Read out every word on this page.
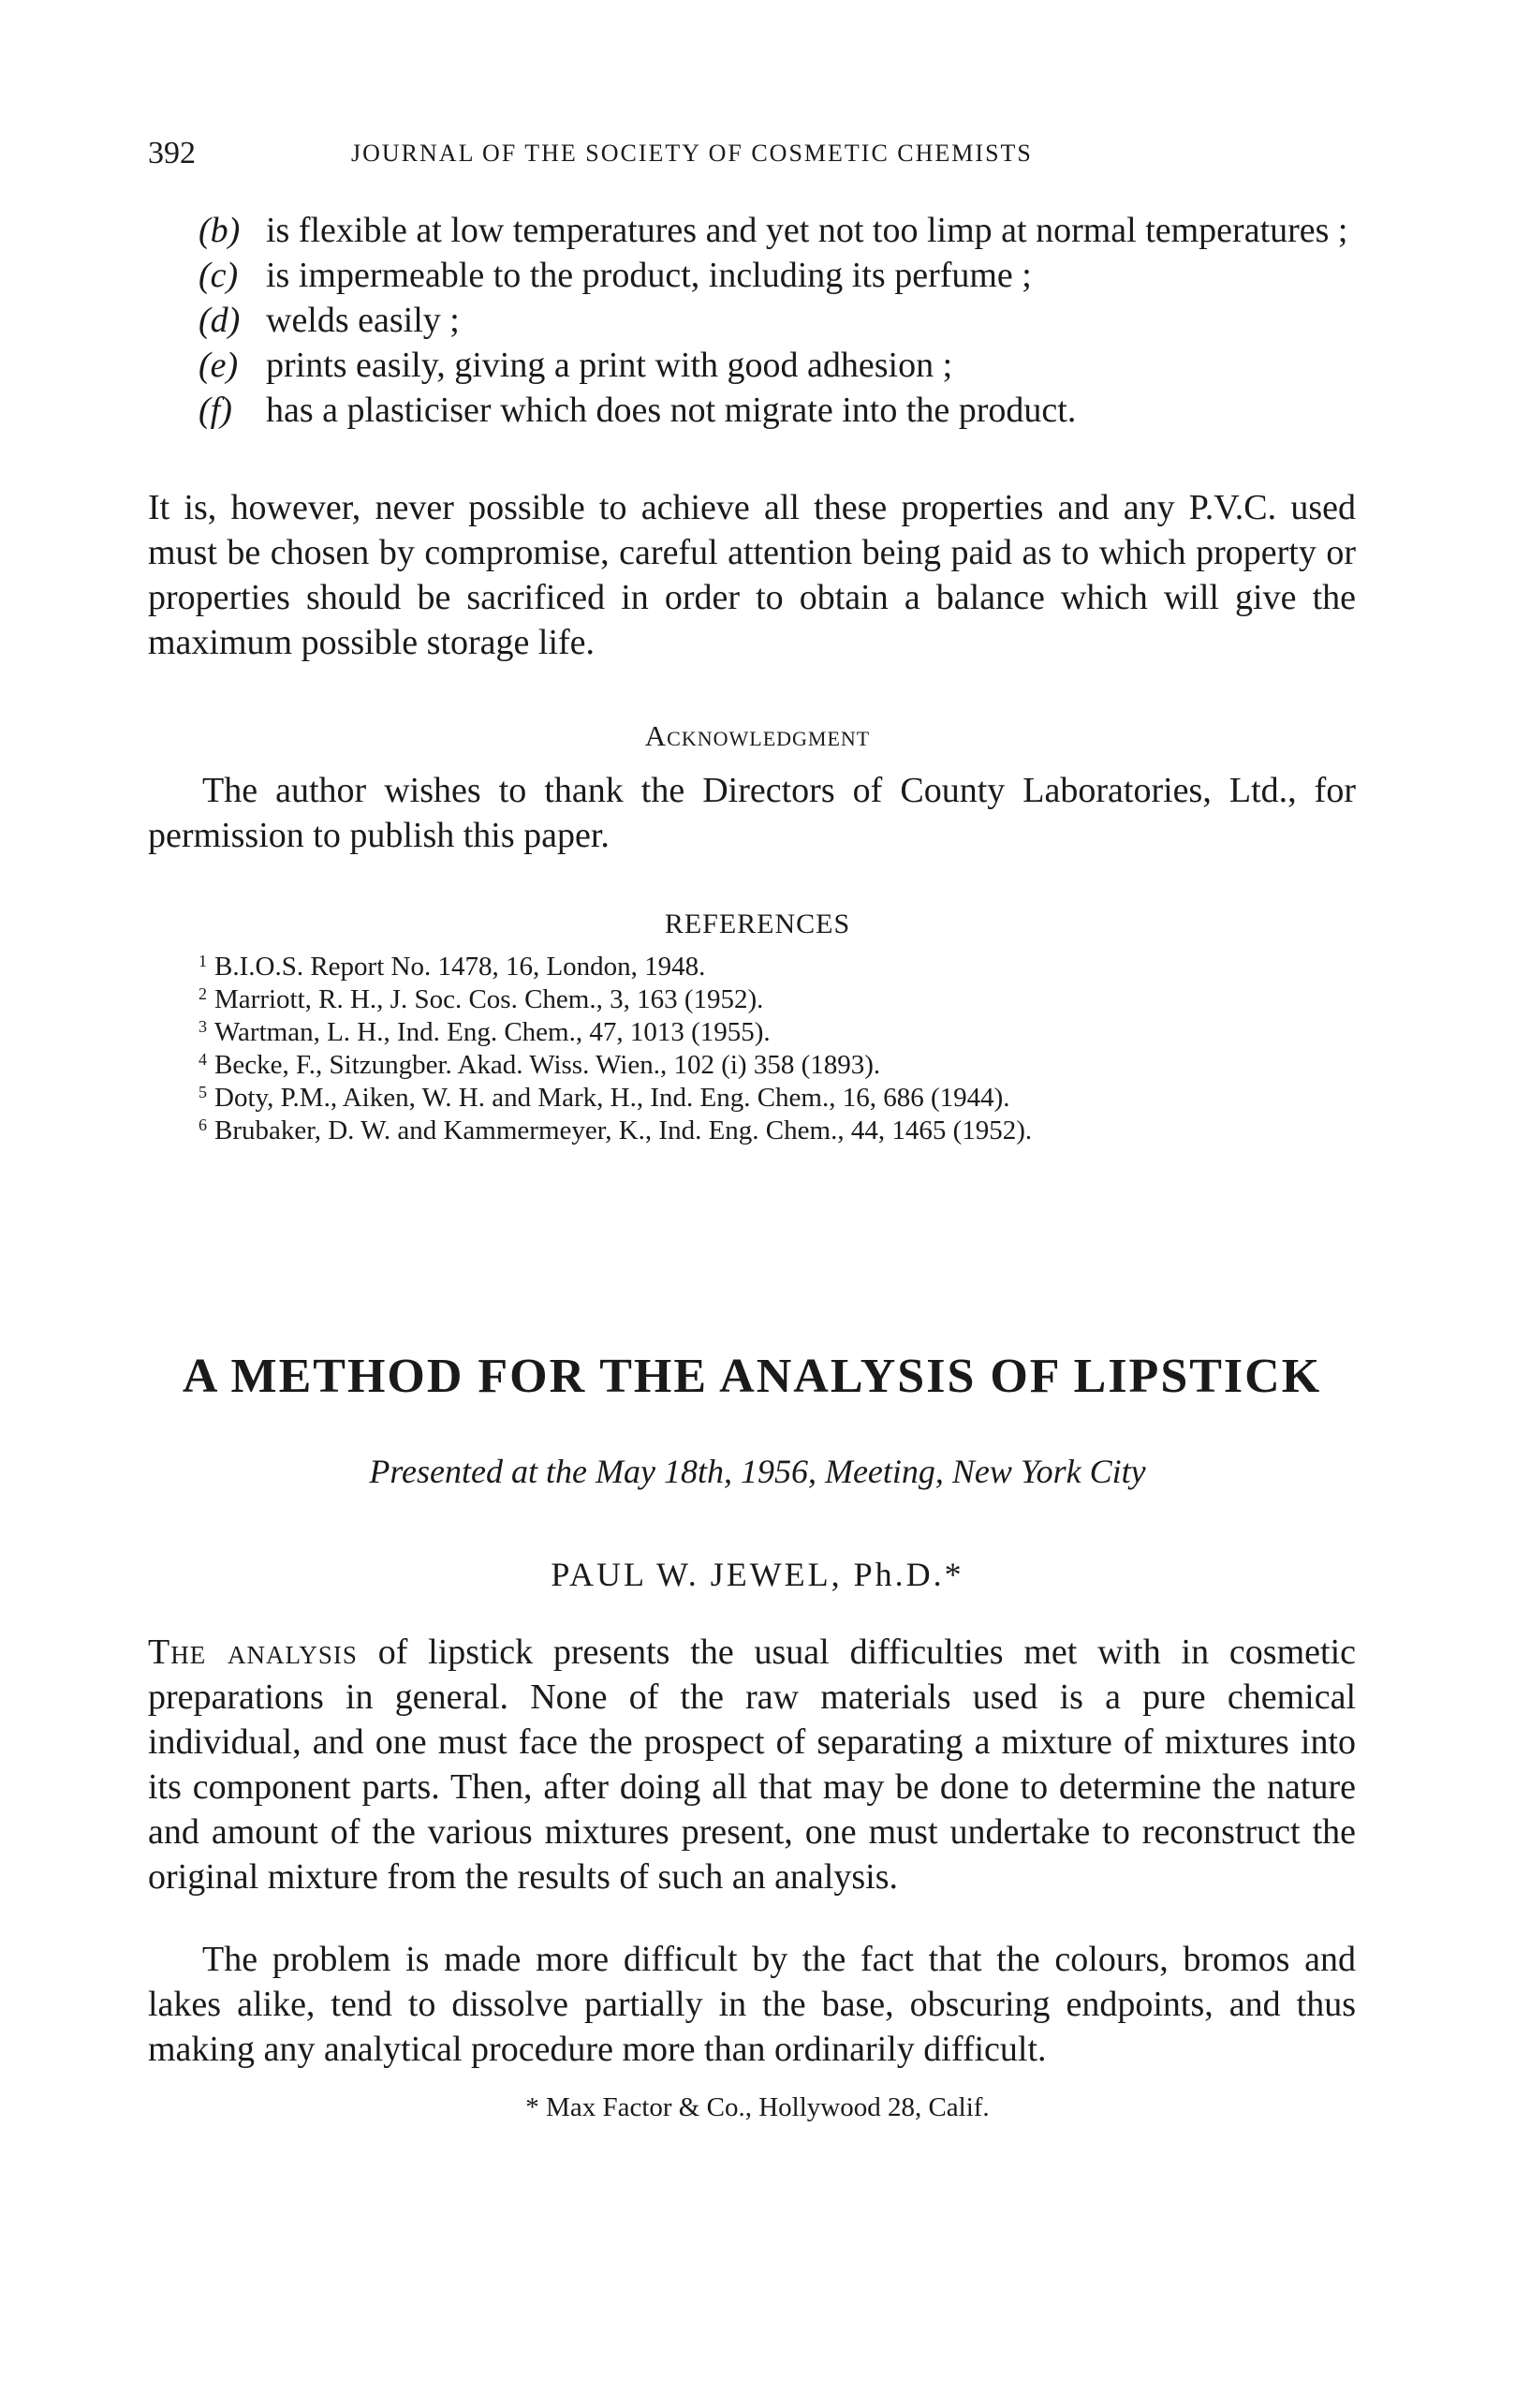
392	JOURNAL OF THE SOCIETY OF COSMETIC CHEMISTS
(b) is flexible at low temperatures and yet not too limp at normal temperatures ;
(c) is impermeable to the product, including its perfume ;
(d) welds easily ;
(e) prints easily, giving a print with good adhesion ;
(f) has a plasticiser which does not migrate into the product.

It is, however, never possible to achieve all these properties and any P.V.C. used must be chosen by compromise, careful attention being paid as to which property or properties should be sacrificed in order to obtain a balance which will give the maximum possible storage life.

Acknowledgment

The author wishes to thank the Directors of County Laboratories, Ltd., for permission to publish this paper.

REFERENCES
$^1$ B.I.O.S. Report No. 1478, 16, London, 1948.
$^2$ Marriott, R. H., J. Soc. Cos. Chem., 3, 163 (1952).
$^3$ Wartman, L. H., Ind. Eng. Chem., 47, 1013 (1955).
$^4$ Becke, F., Sitzungber. Akad. Wiss. Wien., 102 (i) 358 (1893).
$^5$ Doty, P.M., Aiken, W. H. and Mark, H., Ind. Eng. Chem., 16, 686 (1944).
$^6$ Brubaker, D. W. and Kammermeyer, K., Ind. Eng. Chem., 44, 1465 (1952).
A METHOD FOR THE ANALYSIS OF LIPSTICK
Presented at the May 18th, 1956, Meeting, New York City
PAUL W. JEWEL, Ph.D.*

The analysis of lipstick presents the usual difficulties met with in cosmetic preparations in general. None of the raw materials used is a pure chemical individual, and one must face the prospect of separating a mixture of mixtures into its component parts. Then, after doing all that may be done to determine the nature and amount of the various mixtures present, one must undertake to reconstruct the original mixture from the results of such an analysis.

The problem is made more difficult by the fact that the colours, bromos and lakes alike, tend to dissolve partially in the base, obscuring endpoints, and thus making any analytical procedure more than ordinarily difficult.

* Max Factor & Co., Hollywood 28, Calif.
